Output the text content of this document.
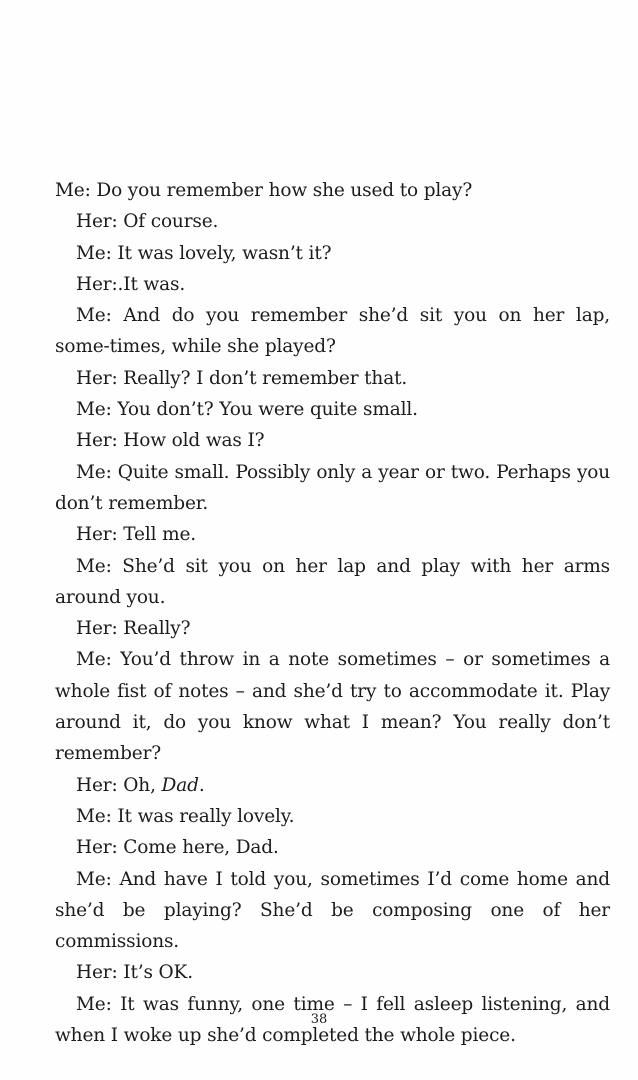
Me: Do you remember how she used to play?

Her: Of course.

Me: It was lovely, wasn’t it?

Her:.It was.

Me: And do you remember she’d sit you on her lap, some-times, while she played?

Her: Really? I don’t remember that.

Me: You don’t? You were quite small.

Her: How old was I?

Me: Quite small. Possibly only a year or two. Perhaps you don’t remember.

Her: Tell me.

Me: She’d sit you on her lap and play with her arms around you.

Her: Really?

Me: You’d throw in a note sometimes – or sometimes a whole fist of notes – and she’d try to accommodate it. Play around it, do you know what I mean? You really don’t remember?

Her: Oh, Dad.

Me: It was really lovely.

Her: Come here, Dad.

Me: And have I told you, sometimes I’d come home and she’d be playing? She’d be composing one of her commissions.

Her: It’s OK.

Me: It was funny, one time – I fell asleep listening, and when I woke up she’d completed the whole piece.

38
